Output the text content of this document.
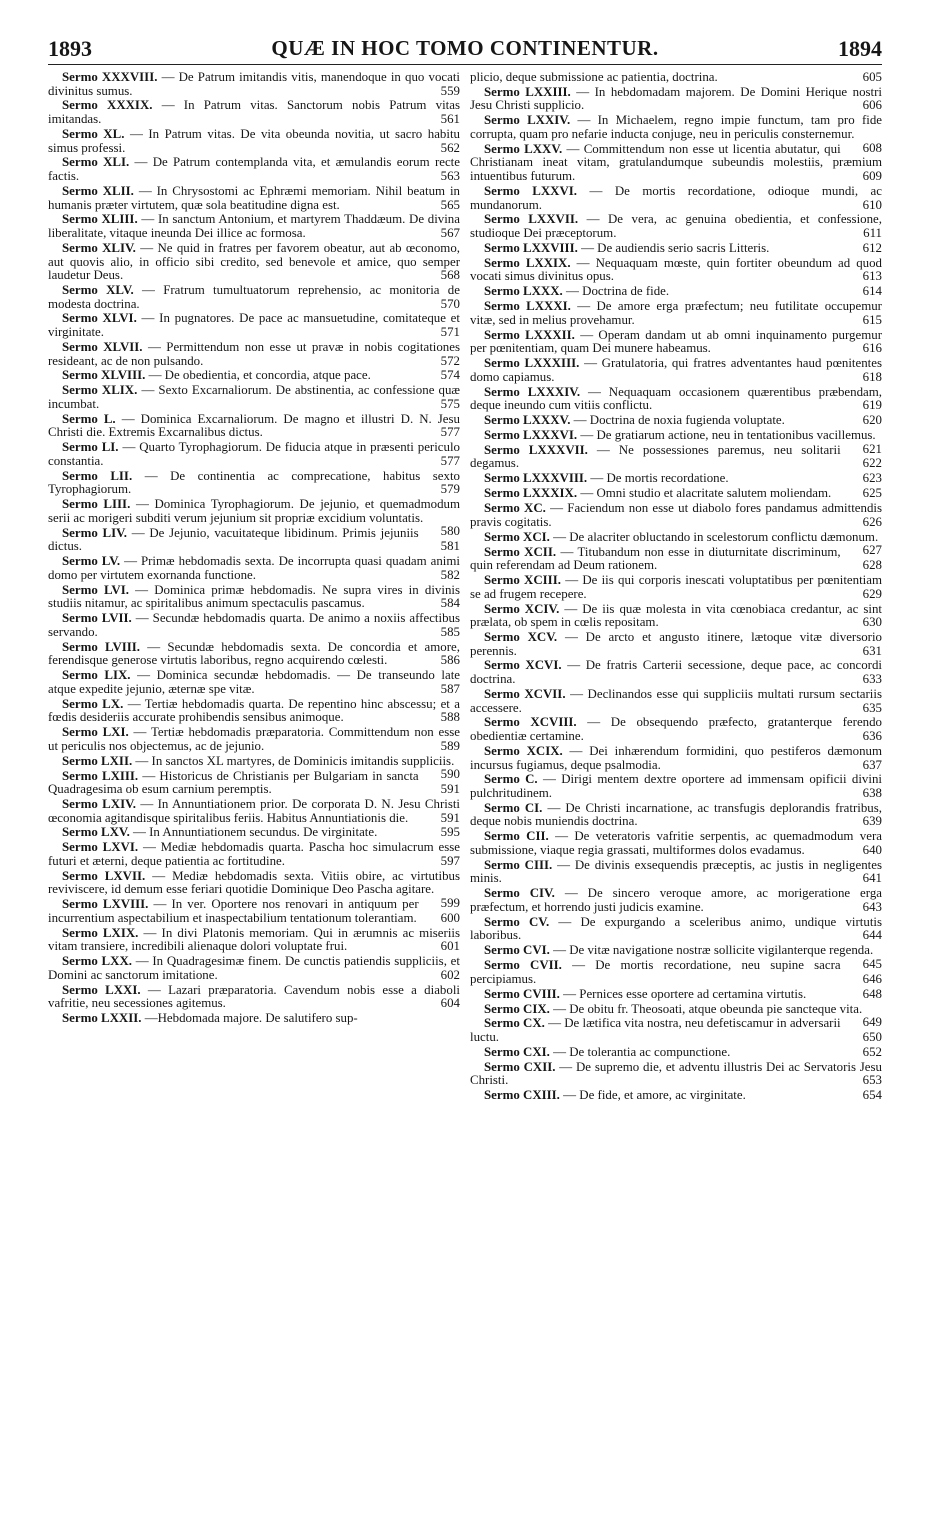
1893	QUÆ IN HOC TOMO CONTINENTUR.	1894
Sermo XXXVIII. — De Patrum imitandis vitis, manendoque in quo vocati divinitus sumus.	559
Sermo XXXIX. — In Patrum vitas. Sanctorum nobis Patrum vitas imitandas.	561
Sermo XL. — In Patrum vitas. De vita obeunda novitia, ut sacro habitu simus professi.	562
Sermo XLI. — De Patrum contemplanda vita, et æmulandis eorum recte factis.	563
Sermo XLII. — In Chrysostomi ac Ephræmi memoriam. Nihil beatum in humanis præter virtutem, quæ sola beatitudine digna est.	565
Sermo XLIII. — In sanctum Antonium, et martyrem Thaddæum. De divina liberalitate, vitaque ineunda Dei illice ac formosa.	567
Sermo XLIV. — Ne quid in fratres per favorem obeatur, aut ab œconomo, aut quovis alio, in officio sibi credito, sed benevole et amice, quo semper laudetur Deus.	568
Sermo XLV. — Fratrum tumultuatorum reprehensio, ac monitoria de modesta doctrina.	570
Sermo XLVI. — In pugnatores. De pace ac mansuetudine, comitateque et virginitate.	571
Sermo XLVII. — Permittendum non esse ut pravæ in nobis cogitationes resideant, ac de non pulsando.	572
Sermo XLVIII. — De obedientia, et concordia, atque pace.	574
Sermo XLIX. — Sexto Excarnaliorum. De abstinentia, ac confessione quæ incumbat.	575
Sermo L. — Dominica Excarnaliorum. De magno et illustri D. N. Jesu Christi die. Extremis Excarnalibus dictus.	577
Sermo LI. — Quarto Tyrophagiorum. De fiducia atque in præsenti periculo constantia.	577
Sermo LII. — De continentia ac comprecatione, habitus sexto Tyrophagiorum.	579
Sermo LIII. — Dominica Tyrophagiorum. De jejunio, et quemadmodum serii ac morigeri subditi verum jejunium sit propriæ excidium voluntatis.
580
Sermo LIV. — De Jejunio, vacuitateque libidinum. Primis jejuniis dictus.	581
Sermo LV. — Primæ hebdomadis sexta. De incorrupta quasi quadam animi domo per virtutem exornanda functione.	582
Sermo LVI. — Dominica primæ hebdomadis. Ne supra vires in divinis studiis nitamur, ac spiritalibus animum spectaculis pascamus.	584
Sermo LVII. — Secundæ hebdomadis quarta. De animo a noxiis affectibus servando.	585
Sermo LVIII. — Secundæ hebdomadis sexta. De concordia et amore, ferendisque generose virtutis laboribus, regno acquirendo cœlesti.	586
Sermo LIX. — Dominica secundæ hebdomadis. — De transeundo late atque expedite jejunio, æternæ spe vitæ.	587
Sermo LX. — Tertiæ hebdomadis quarta. De repentino hinc abscessu; et a fœdis desideriis accurate prohibendis sensibus animoque.	588
Sermo LXI. — Tertiæ hebdomadis præparatoria. Committendum non esse ut periculis nos objectemus, ac de jejunio.	589
Sermo LXII. — In sanctos XL martyres, de Dominicis imitandis suppliciis.
590
Sermo LXIII. — Historicus de Christianis per Bulgariam in sancta Quadragesima ob esum carnium peremptis.	591
Sermo LXIV. — In Annuntiationem prior. De corporata D. N. Jesu Christi œconomia agitandisque spiritalibus feriis. Habitus Annuntiationis die.	591
Sermo LXV. — In Annuntiationem secundus. De virginitate.	595
Sermo LXVI. — Mediæ hebdomadis quarta. Pascha hoc simulacrum esse futuri et æterni, deque patientia ac fortitudine.	597
Sermo LXVII. — Mediæ hebdomadis sexta. Vitiis obire, ac virtutibus reviviscere, id demum esse feriari quotidie Dominique Deo Pascha agitare.
599
Sermo LXVIII. — In ver. Oportere nos renovari in antiquum per incurrentium aspectabilium et inaspectabilium tentationum tolerantiam.	600
Sermo LXIX. — In divi Platonis memoriam. Qui in ærumnis ac miseriis vitam transiere, incredibili alienaque dolori voluptate frui.	601
Sermo LXX. — In Quadragesimæ finem. De cunctis patiendis suppliciis, et Domini ac sanctorum imitatione.	602
Sermo LXXI. — Lazari præparatoria. Cavendum nobis esse a diaboli vafritie, neu secessiones agitemus.	604
Sermo LXXII. —Hebdomada majore. De salutifero sup-
plicio, deque submissione ac patientia, doctrina.	605
Sermo LXXIII. — In hebdomadam majorem. De Domini Herique nostri Jesu Christi supplicio.	606
Sermo LXXIV. — In Michaelem, regno impie functum, tam pro fide corrupta, quam pro nefarie inducta conjuge, neu in periculis consternemur.
608
Sermo LXXV. — Committendum non esse ut licentia abutatur, qui Christianam ineat vitam, gratulandumque subeundis molestiis, præmium intuentibus futurum.	609
Sermo LXXVI. — De mortis recordatione, odioque mundi, ac mundanorum.	610
Sermo LXXVII. — De vera, ac genuina obedientia, et confessione, studioque Dei præceptorum.	611
Sermo LXXVIII. — De audiendis serio sacris Litteris.	612
Sermo LXXIX. — Nequaquam mœste, quin fortiter obeundum ad quod vocati simus divinitus opus.	613
Sermo LXXX. — Doctrina de fide.	614
Sermo LXXXI. — De amore erga præfectum; neu futilitate occupemur vitæ, sed in melius provehamur.	615
Sermo LXXXII. — Operam dandam ut ab omni inquinamento purgemur per pœnitentiam, quam Dei munere habeamus.	616
Sermo LXXXIII. — Gratulatoria, qui fratres adventantes haud pœnitentes domo capiamus.	618
Sermo LXXXIV. — Nequaquam occasionem quærentibus præbendam, deque ineundo cum vitiis conflictu.	619
Sermo LXXXV. — Doctrina de noxia fugienda voluptate.	620
Sermo LXXXVI. — De gratiarum actione, neu in tentationibus vacillemus.
621
Sermo LXXXVII. — Ne possessiones paremus, neu solitarii degamus.	622
Sermo LXXXVIII. — De mortis recordatione.	623
Sermo LXXXIX. — Omni studio et alacritate salutem moliendam.	625
Sermo XC. — Faciendum non esse ut diabolo fores pandamus admittendis pravis cogitatis.	626
Sermo XCI. — De alacriter obluctando in scelestorum conflictu dæmonum.
627
Sermo XCII. — Titubandum non esse in diuturnitate discriminum, quin referendam ad Deum rationem.	628
Sermo XCIII. — De iis qui corporis inescati voluptatibus per pœnitentiam se ad frugem recepere.	629
Sermo XCIV. — De iis quæ molesta in vita cœnobiaca credantur, ac sint prælata, ob spem in cœlis repositam.	630
Sermo XCV. — De arcto et angusto itinere, lætoque vitæ diversorio perennis.	631
Sermo XCVI. — De fratris Carterii secessione, deque pace, ac concordi doctrina.	633
Sermo XCVII. — Declinandos esse qui suppliciis multati rursum sectariis accessere.	635
Sermo XCVIII. — De obsequendo præfecto, gratanterque ferendo obedientiæ certamine.	636
Sermo XCIX. — Dei inhærendum formidini, quo pestiferos dæmonum incursus fugiamus, deque psalmodia.	637
Sermo C. — Dirigi mentem dextre oportere ad immensam opificii divini pulchritudinem.	638
Sermo CI. — De Christi incarnatione, ac transfugis deplorandis fratribus, deque nobis muniendis doctrina.	639
Sermo CII. — De veteratoris vafritie serpentis, ac quemadmodum vera submissione, viaque regia grassati, multiformes dolos evadamus.	640
Sermo CIII. — De divinis exsequendis præceptis, ac justis in negligentes minis.	641
Sermo CIV. — De sincero veroque amore, ac morigeratione erga præfectum, et horrendo justi judicis examine.	643
Sermo CV. — De expurgando a sceleribus animo, undique virtutis laboribus.	644
Sermo CVI. — De vitæ navigatione nostræ sollicite vigilanterque regenda.
645
Sermo CVII. — De mortis recordatione, neu supine sacra percipiamus.	646
Sermo CVIII. — Pernices esse oportere ad certamina virtutis.	648
Sermo CIX. — De obitu fr. Theosoati, atque obeunda pie sancteque vita.
649
Sermo CX. — De lætifica vita nostra, neu defetiscamur in adversarii luctu.	650
Sermo CXI. — De tolerantia ac compunctione.	652
Sermo CXII. — De supremo die, et adventu illustris Dei ac Servatoris Jesu Christi.	653
Sermo CXIII. — De fide, et amore, ac virginitate.	654
